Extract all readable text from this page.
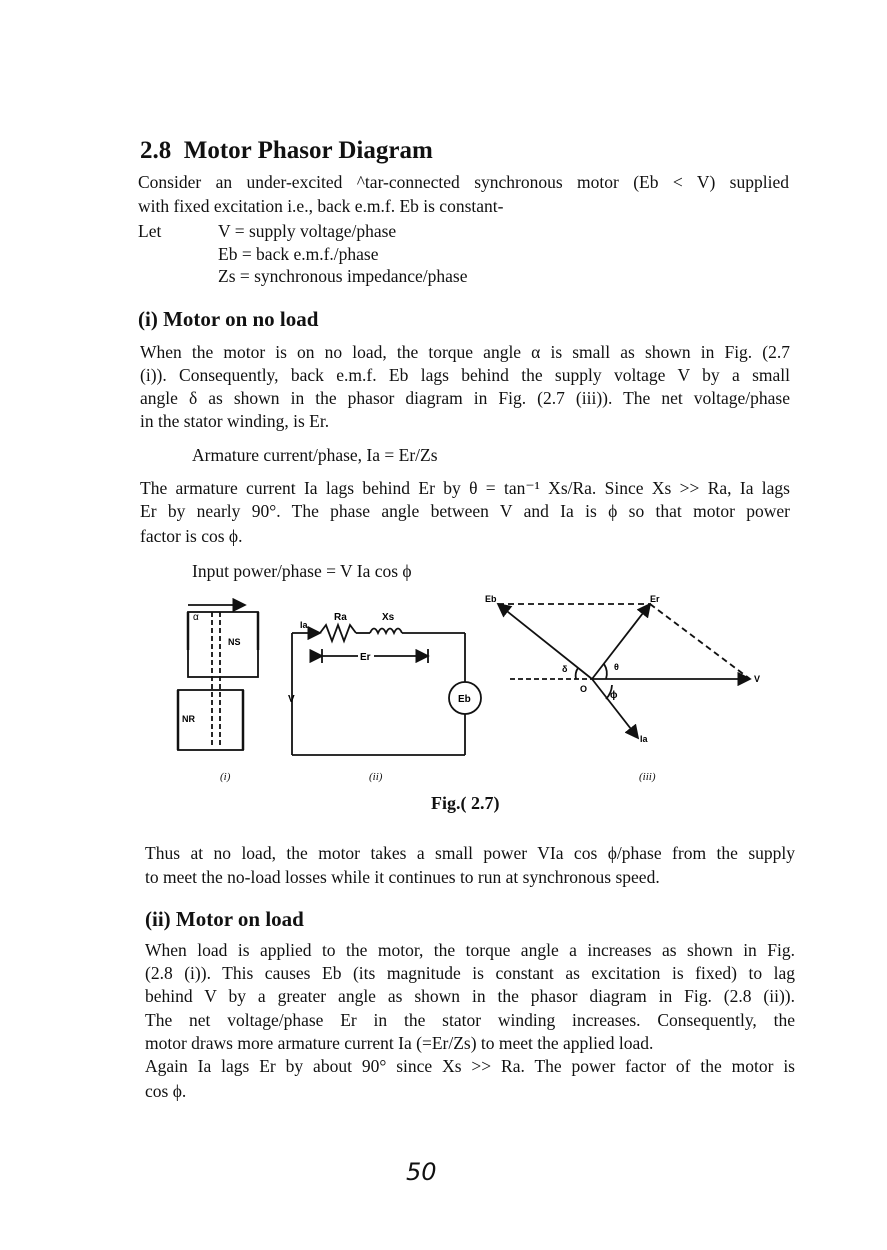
2.8 Motor Phasor Diagram
Consider an under-excited ^tar-connected synchronous motor (Eb < V) supplied
with fixed excitation i.e., back e.m.f. Eb is constant-
Let	V = supply voltage/phase
Eb = back e.m.f./phase
Zs = synchronous impedance/phase
(i) Motor on no load
When the motor is on no load, the torque angle α is small as shown in Fig. (2.7
(i)). Consequently, back e.m.f. Eb lags behind the supply voltage V by a small
angle δ as shown in the phasor diagram in Fig. (2.7 (iii)). The net voltage/phase
in the stator winding, is Er.
Armature current/phase, Ia = Er/Zs
The armature current Ia lags behind Er by θ = tan⁻¹ Xs/Ra. Since Xs >> Ra, Ia lags
Er by nearly 90°. The phase angle between V and Ia is ϕ so that motor power
factor is cos ϕ.
Input power/phase = V Ia cos ϕ
α
NS
NR
Ia
Ra	Xs
Er
V	Eb
Eb	Er
V
δ	θ
ϕ
O
Ia
(i)	(ii)	(iii)
Fig.( 2.7)
Thus at no load, the motor takes a small power VIa cos ϕ/phase from the supply
to meet the no-load losses while it continues to run at synchronous speed.
(ii) Motor on load
When load is applied to the motor, the torque angle a increases as shown in Fig.
(2.8 (i)). This causes Eb (its magnitude is constant as excitation is fixed) to lag
behind V by a greater angle as shown in the phasor diagram in Fig. (2.8 (ii)).
The net voltage/phase Er in the stator winding increases. Consequently, the
motor draws more armature current Ia (=Er/Zs) to meet the applied load.
Again Ia lags Er by about 90° since Xs >> Ra. The power factor of the motor is
cos ϕ.
50
